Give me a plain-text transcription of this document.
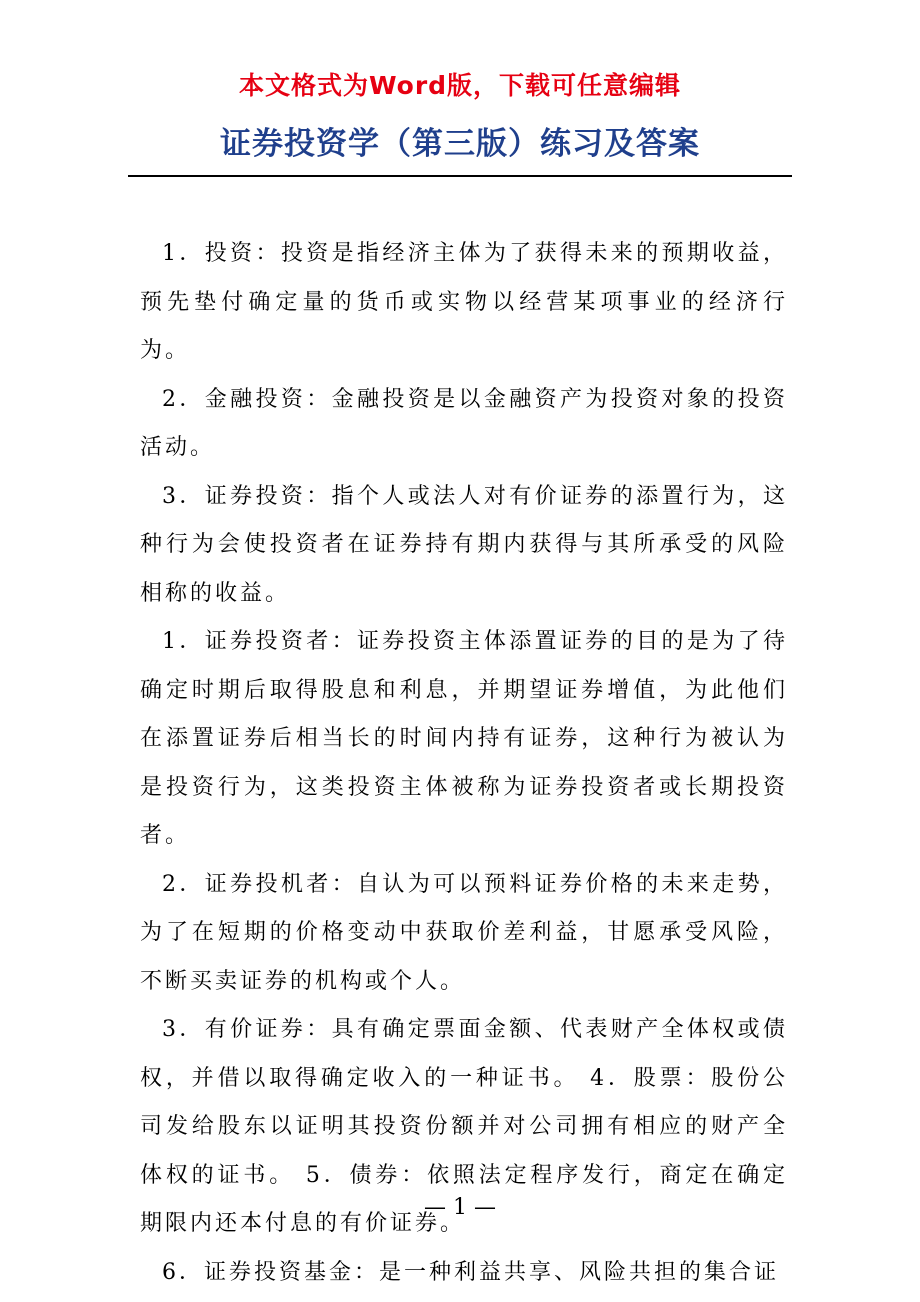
本文格式为Word版，下载可任意编辑
证券投资学（第三版）练习及答案

1．投资：投资是指经济主体为了获得未来的预期收益，预先垫付确定量的货币或实物以经营某项事业的经济行为。

2．金融投资：金融投资是以金融资产为投资对象的投资活动。

3．证券投资：指个人或法人对有价证券的添置行为，这种行为会使投资者在证券持有期内获得与其所承受的风险相称的收益。

1．证券投资者：证券投资主体添置证券的目的是为了待确定时期后取得股息和利息，并期望证券增值，为此他们在添置证券后相当长的时间内持有证券，这种行为被认为是投资行为，这类投资主体被称为证券投资者或长期投资者。

2．证券投机者：自认为可以预料证券价格的未来走势，为了在短期的价格变动中获取价差利益，甘愿承受风险，不断买卖证券的机构或个人。

3．有价证券：具有确定票面金额、代表财产全体权或债权，并借以取得确定收入的一种证书。 4．股票：股份公司发给股东以证明其投资份额并对公司拥有相应的财产全体权的证书。 5．债券：依照法定程序发行，商定在确定期限内还本付息的有价证券。

6．证券投资基金：是一种利益共享、风险共担的集合证

— 1 —
